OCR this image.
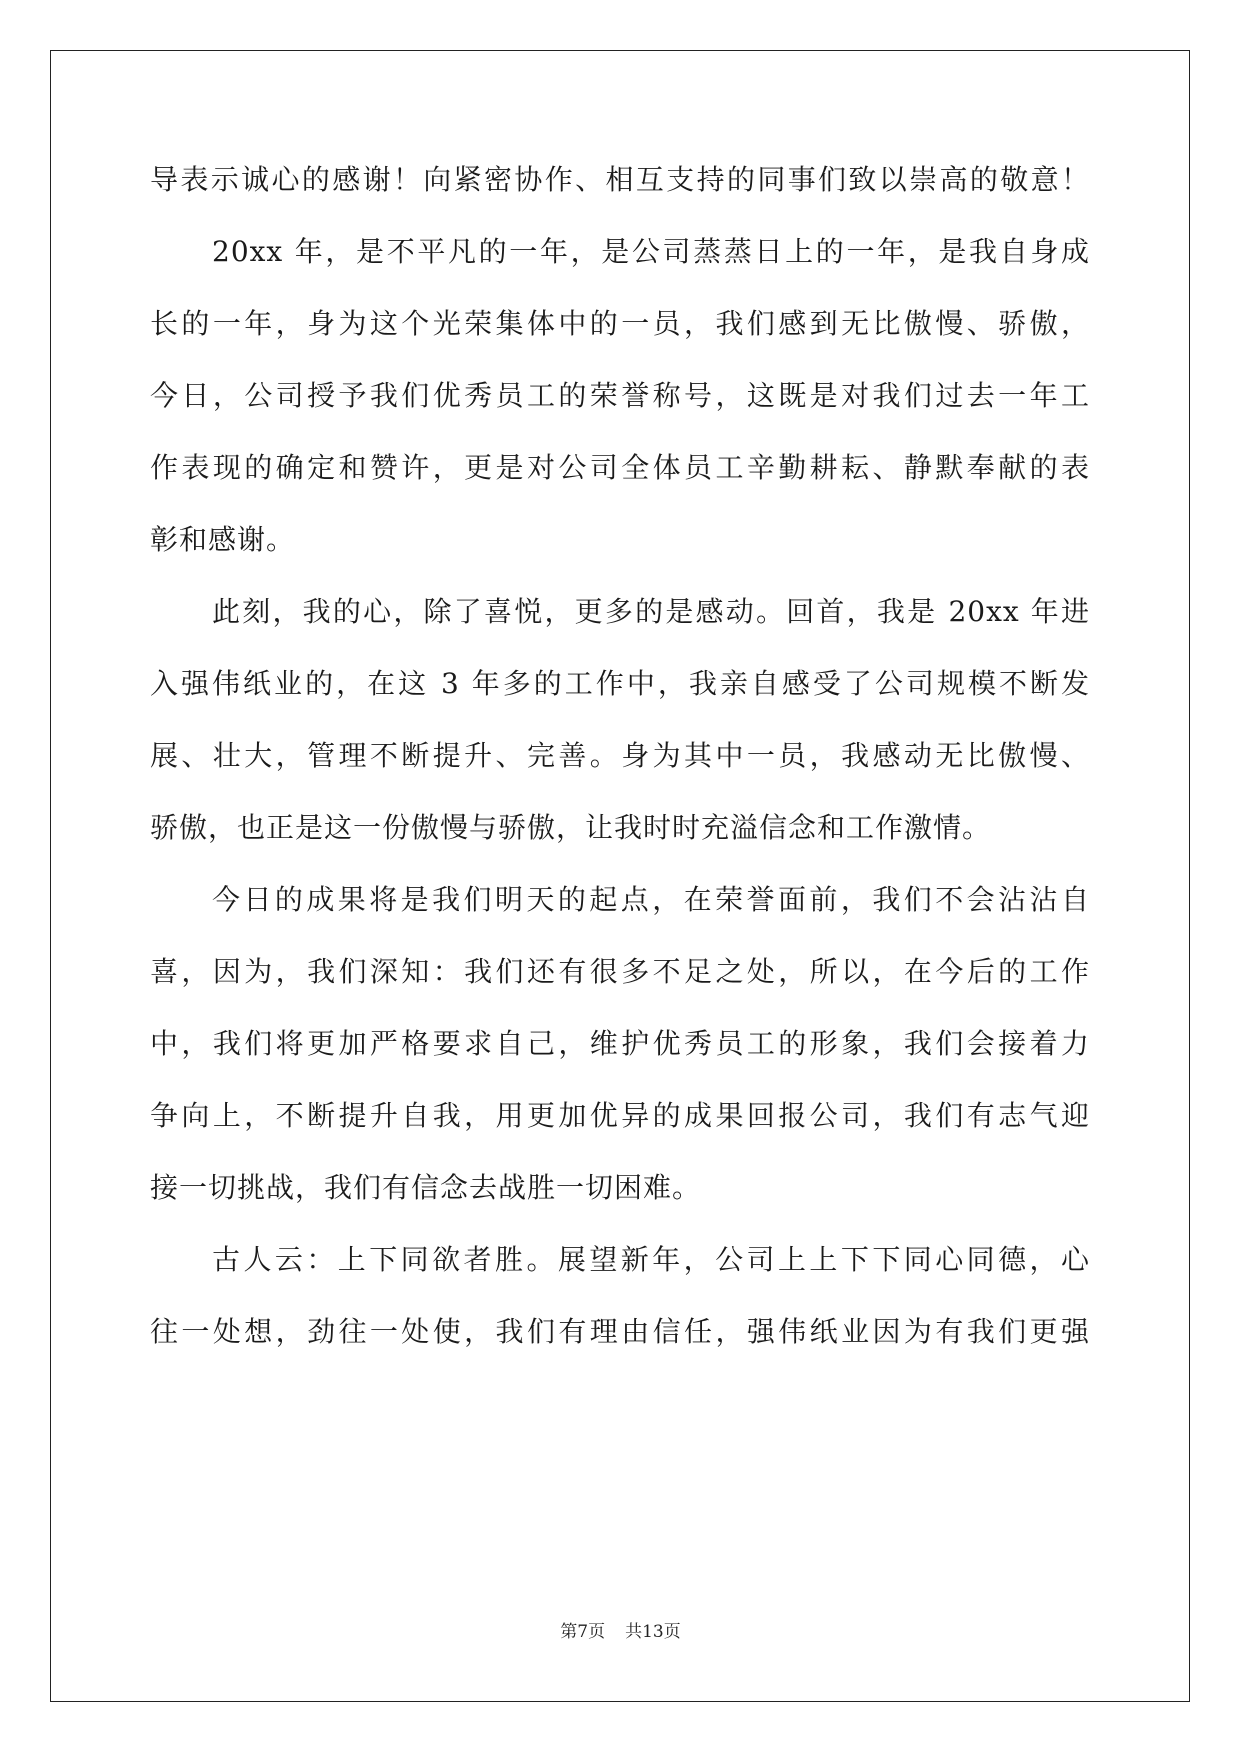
导表示诚心的感谢！向紧密协作、相互支持的同事们致以崇高的敬意！
20xx 年，是不平凡的一年，是公司蒸蒸日上的一年，是我自身成
长的一年，身为这个光荣集体中的一员，我们感到无比傲慢、骄傲，
今日，公司授予我们优秀员工的荣誉称号，这既是对我们过去一年工
作表现的确定和赞许，更是对公司全体员工辛勤耕耘、静默奉献的表
彰和感谢。
此刻，我的心，除了喜悦，更多的是感动。回首，我是 20xx 年进
入强伟纸业的，在这 3 年多的工作中，我亲自感受了公司规模不断发
展、壮大，管理不断提升、完善。身为其中一员，我感动无比傲慢、
骄傲，也正是这一份傲慢与骄傲，让我时时充溢信念和工作激情。
今日的成果将是我们明天的起点，在荣誉面前，我们不会沾沾自
喜，因为，我们深知：我们还有很多不足之处，所以，在今后的工作
中，我们将更加严格要求自己，维护优秀员工的形象，我们会接着力
争向上，不断提升自我，用更加优异的成果回报公司，我们有志气迎
接一切挑战，我们有信念去战胜一切困难。
古人云：上下同欲者胜。展望新年，公司上上下下同心同德，心
往一处想，劲往一处使，我们有理由信任，强伟纸业因为有我们更强
第7页 共13页
